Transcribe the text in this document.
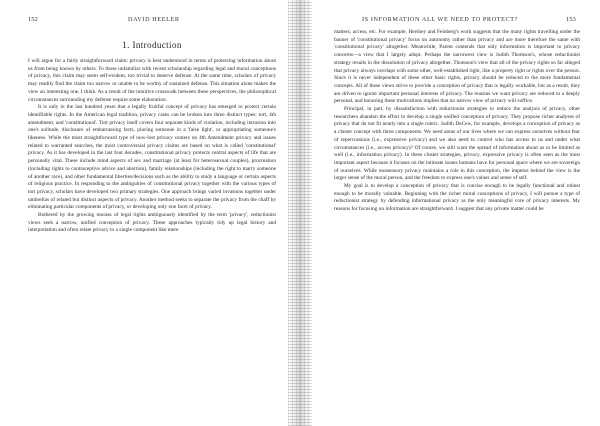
152	DAVID HEELER
1. Introduction

I will argue for a fairly straightforward claim: privacy is best understood in terms of protecting information about us from being known by others. To those unfamiliar with recent scholarship regarding legal and moral conceptions of privacy, this claim may seem self-evident, too trivial to deserve defense. At the same time, scholars of privacy may readily find the claim too narrow or unable to be worthy of sustained defense. This situation alone makes the view an interesting one, I think. As a result of the intuitive crosswalk between these perspectives, the philosophical circumstances surrounding my defense require some elaboration.

It is only in the last hundred years that a legally fruitful concept of privacy has emerged to protect certain identifiable rights. In the American legal tradition, privacy cases can be broken into three distinct types: tort, 4th amendment, and 'constitutional'. Tort privacy itself covers four separate kinds of violation, including intrusion into one's solitude, disclosure of embarrassing facts, placing someone in a 'false light', or appropriating someone's likeness. While the most straightforward type of now-lost privacy centers on 4th Amendment privacy and issues related to warranted searches, the most controversial privacy claims are based on what is called 'constitutional' privacy. As it has developed in the last four decades, constitutional privacy protects central aspects of life that are personally vital. These include mind aspects of sex and marriage (at least for heterosexual couples), procreation (including rights to contraceptive advice and abortion), family relationships (including the right to marry someone of another race), and other fundamental liberties/decisions such as the ability to study a language or certain aspects of religious practice. In responding to the ambiguities of constitutional privacy together with the various types of tort privacy, scholars have developed two primary strategies. One approach brings varied invasions together under umbrellas of related but distinct aspects of privacy. Another method seeks to separate the privacy from the chaff by eliminating particular components of privacy, or developing only one facet of privacy.

Bothered by the growing morass of legal rights ambiguously identified by the term 'privacy', reductionist views seek a narrow, unified conception of privacy. These approaches typically tidy up legal history and interpretation and often relate privacy to a single component like mere

IS INFORMATION ALL WE NEED TO PROTECT?	153

matters, access, etc. For example, Hershey and Feinberg's work suggests that the many rights travelling under the banner of 'constitutional privacy' focus on autonomy rather than privacy and are more therefore the same with 'constitutional privacy' altogether. Meanwhile, Parent contends that only information is important to privacy concerns—a view that I largely adopt. Perhaps the narrowest view is Judith Thomson's, whose reductionist strategy results in the dissolution of privacy altogether. Thomson's view that all of the privacy rights so far alleged that privacy always overlaps with some other, well-established right, like a property right or rights over the person. Since it is never independent of these other basic rights, privacy should be reduced to the more fundamental concepts. All of these views strive to provide a conception of privacy that is legally workable, but as a result, they are driven to ignore important personal interests of privacy. The reasons we want privacy are reduced to a deeply personal, and honoring these motivations implies that no narrow view of privacy will suffice.

Principal, in part, by dissatisfaction with reductionist strategies to reduce the analysis of privacy, other researchers abandon the effort to develop a single unified conception of privacy. They propose richer analyses of privacy that do not fit neatly into a single rubric. Judith DeCew, for example, develops a conception of privacy as a cluster concept with three components. We need areas of our lives where we can express ourselves without fear of repercussions (i.e., expressive privacy) and we also need to control who has access to us and under what circumstances (i.e., access privacy)? Of course, we still want the spread of information about us to be limited as well (i.e., information privacy). In these cluster strategies, privacy, expressive privacy is often seen as the most important aspect because it focuses on the intimate issues humans have for personal space where we are sovereign of ourselves. While nonsensory privacy maintains a role in this conception, the impetus behind the view is the larger sense of the moral person, and the freedom to express one's values and sense of self.

My goal is to develop a conception of privacy that is concise enough to be legally functional and robust enough to be morally valuable. Beginning with the richer moral conceptions of privacy, I will pursue a type of reductionist strategy by defending informational privacy as the only meaningful core of privacy interests. My reasons for focusing on information are straightforward. I suggest that any private matter could be
